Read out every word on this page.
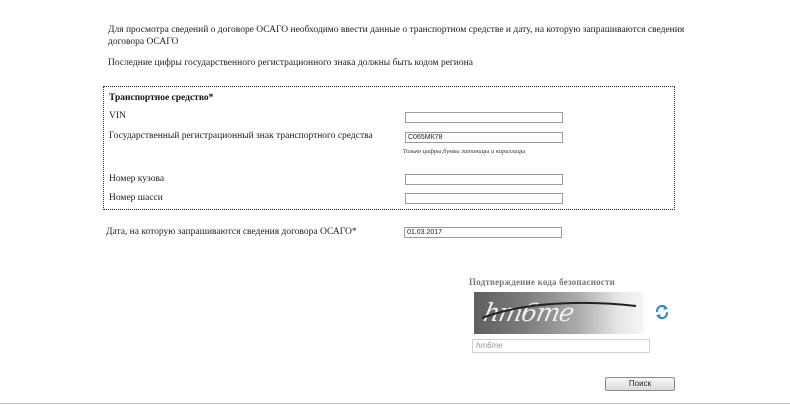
Для просмотра сведений о договоре ОСАГО необходимо ввести данные о транспортном средстве и дату, на которую запрашиваются сведения договора ОСАГО
Последние цифры государственного регистрационного знака должны быть кодом региона
Транспортное средство*
VIN
Государственный регистрационный знак транспортного средства	С065МК78
Только цифры,буквы латиницы и кириллицы
Номер кузова
Номер шасси
Дата, на которую запрашиваются сведения договора ОСАГО*	01.03.2017
Подтверждение кода безопасности
hm6me
hm6me
Поиск
